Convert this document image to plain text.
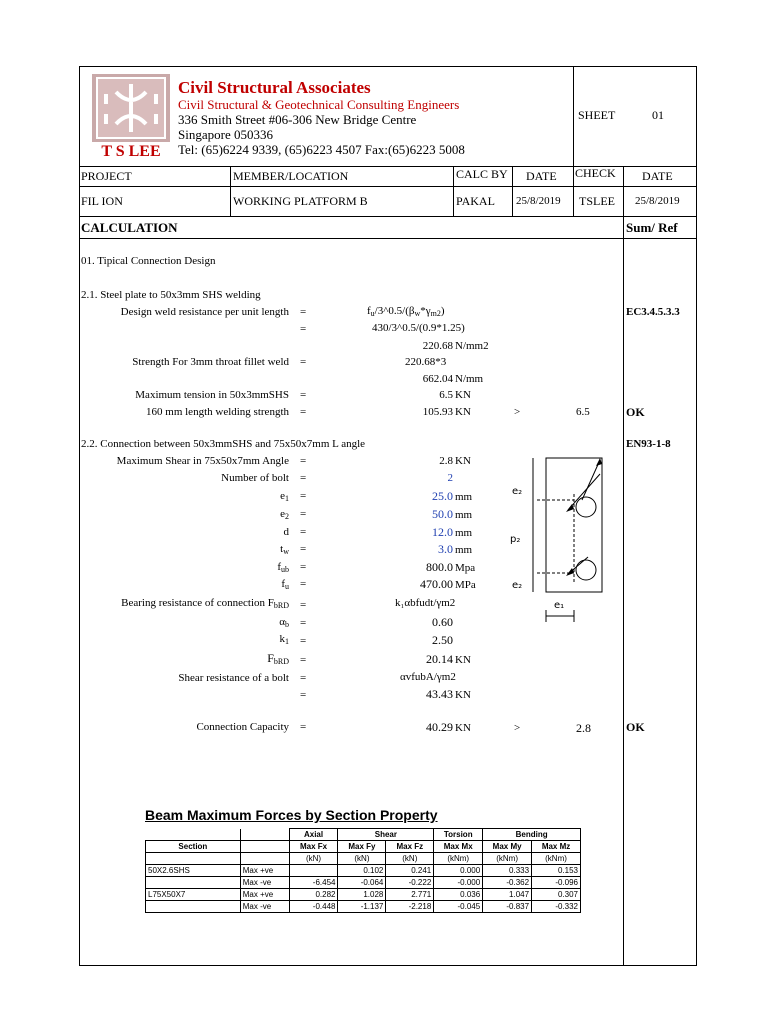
T S LEE
Civil Structural Associates
Civil Structural & Geotechnical Consulting Engineers
336 Smith Street #06-306 New Bridge Centre
Singapore 050336
Tel: (65)6224 9339, (65)6223 4507 Fax:(65)6223 5008
SHEET	01
PROJECT	MEMBER/LOCATION	CALC BY DATE CHECK DATE
FIL ION	WORKING PLATFORM B	PAKAL 25/8/2019 TSLEE 25/8/2019
CALCULATION	Sum/ Ref
01. Tipical Connection Design
2.1. Steel plate to 50x3mm SHS welding
Design weld resistance per unit length =	$f_u/3\^{}0.5/(\beta_w*\gamma_{m2})$
=	430/3^0.5/(0.9*1.25)
220.68 N/mm2
Strength For 3mm throat fillet weld =	220.68*3
662.04 N/mm
Maximum tension in 50x3mmSHS =	6.5 KN
160 mm length welding strength =	105.93 KN	>	6.5	OK
EC3.4.5.3.3
2.2. Connection between 50x3mmSHS and 75x50x7mm L angle	EN93-1-8
Maximum Shear in 75x50x7mm Angle =	2.8 KN
Number of bolt =	2
$e_1$ =	25.0 mm
$e_2$ =	50.0 mm
d =	12.0 mm
$t_w$ =	3.0 mm
$f_{ub}$ =	800.0 Mpa
$f_u$ =	470.00 MPa
Bearing resistance of connection $F_{bRD}$ =	k₁αbfudt/γm2
$\alpha_b$ =	0.60
$k_1$ =	2.50
$F_{bRD}$ =	20.14 KN
Shear resistance of a bolt =	αvfubA/γm2
=	43.43 KN
Connection Capacity =	40.29 KN	>	2.8	OK
e₂
p₂
e₂
e₁
Beam Maximum Forces by Section Property
		Axial	Shear		Torsion	Bending	
Section		Max Fx	Max Fy	Max Fz	Max Mx	Max My	Max Mz
		(kN)	(kN)	(kN)	(kNm)	(kNm)	(kNm)
50X2.6SHS	Max +ve		0.102	0.241	0.000	0.333	0.153
	Max -ve	-6.454	-0.064	-0.222	-0.000	-0.362	-0.096
L75X50X7	Max +ve	0.282	1.028	2.771	0.036	1.047	0.307
	Max -ve	-0.448	-1.137	-2.218	-0.045	-0.837	-0.332
